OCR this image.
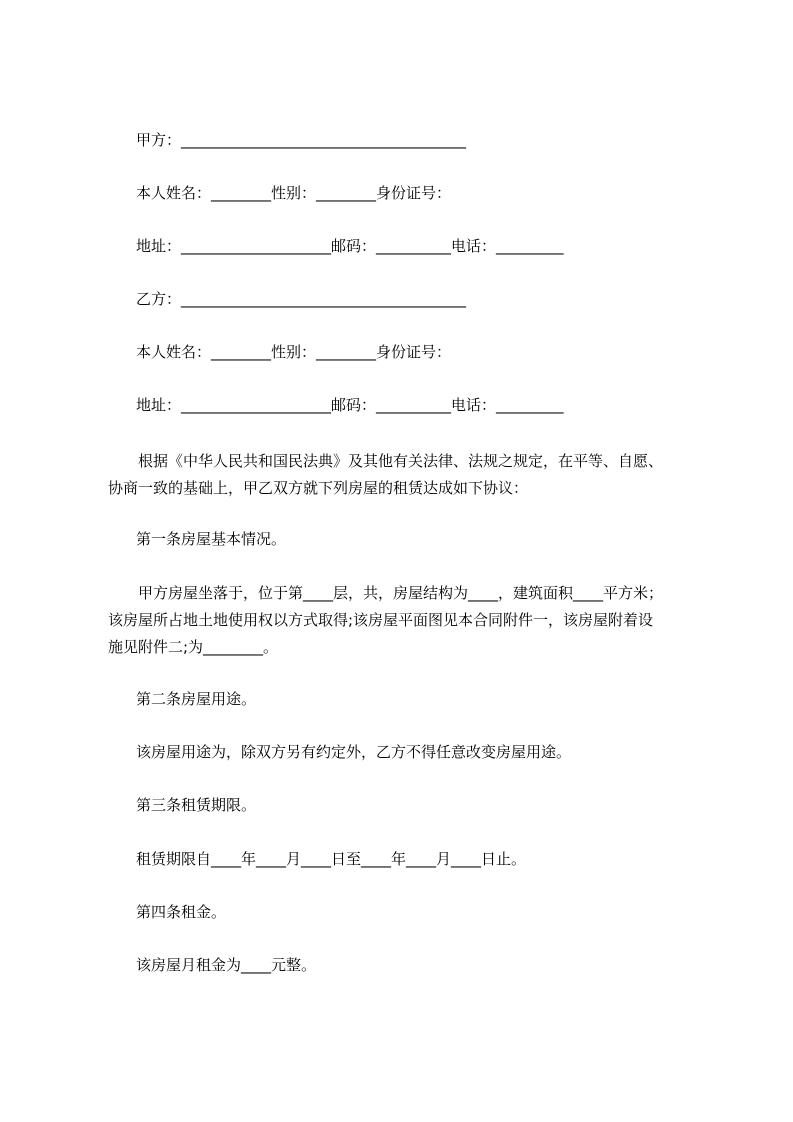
甲方：______________________________________

本人姓名：________性别：________身份证号：

地址：____________________邮码：__________电话：_________

乙方：______________________________________

本人姓名：________性别：________身份证号：

地址：____________________邮码：__________电话：_________

根据《中华人民共和国民法典》及其他有关法律、法规之规定，在平等、自愿、

协商一致的基础上，甲乙双方就下列房屋的租赁达成如下协议：

第一条房屋基本情况。

甲方房屋坐落于，位于第____层，共，房屋结构为____，建筑面积____平方米；

该房屋所占地土地使用权以方式取得;该房屋平面图见本合同附件一，该房屋附着设

施见附件二;为________。

第二条房屋用途。

该房屋用途为，除双方另有约定外，乙方不得任意改变房屋用途。

第三条租赁期限。

租赁期限自____年____月____日至____年____月____日止。

第四条租金。

该房屋月租金为____元整。
